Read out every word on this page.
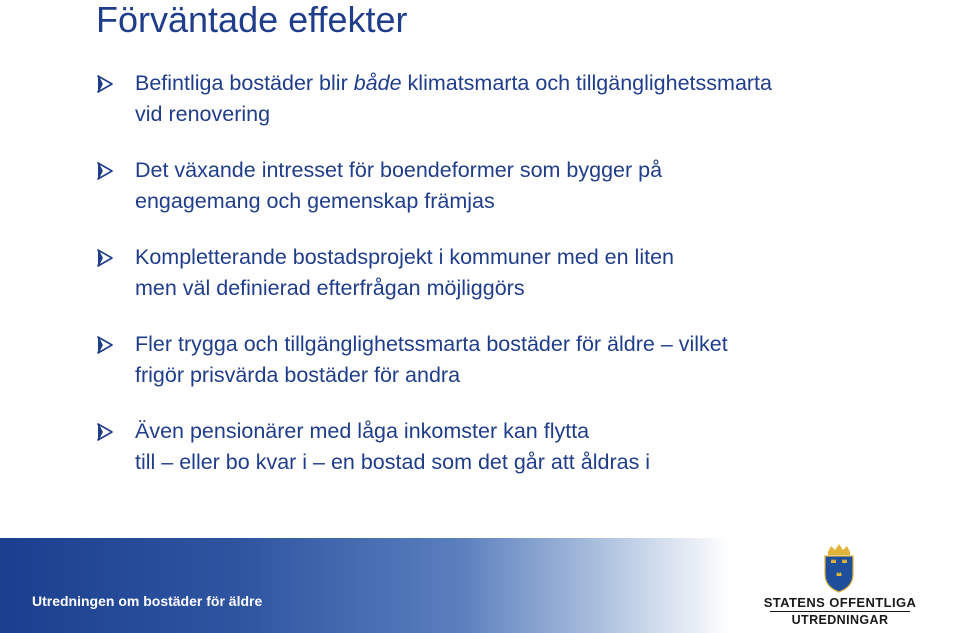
Förväntade effekter
Befintliga bostäder blir både klimatsmarta och tillgänglighetssmarta
vid renovering
Det växande intresset för boendeformer som bygger på
engagemang och gemenskap främjas
Kompletterande bostadsprojekt i kommuner med en liten
men väl definierad efterfrågan möjliggörs
Fler trygga och tillgänglighetssmarta bostäder för äldre – vilket
frigör prisvärda bostäder för andra
Även pensionärer med låga inkomster kan flytta
till – eller bo kvar i – en bostad som det går att åldras i
Utredningen om bostäder för äldre	STATENS OFFENTLIGA
UTREDNINGAR
